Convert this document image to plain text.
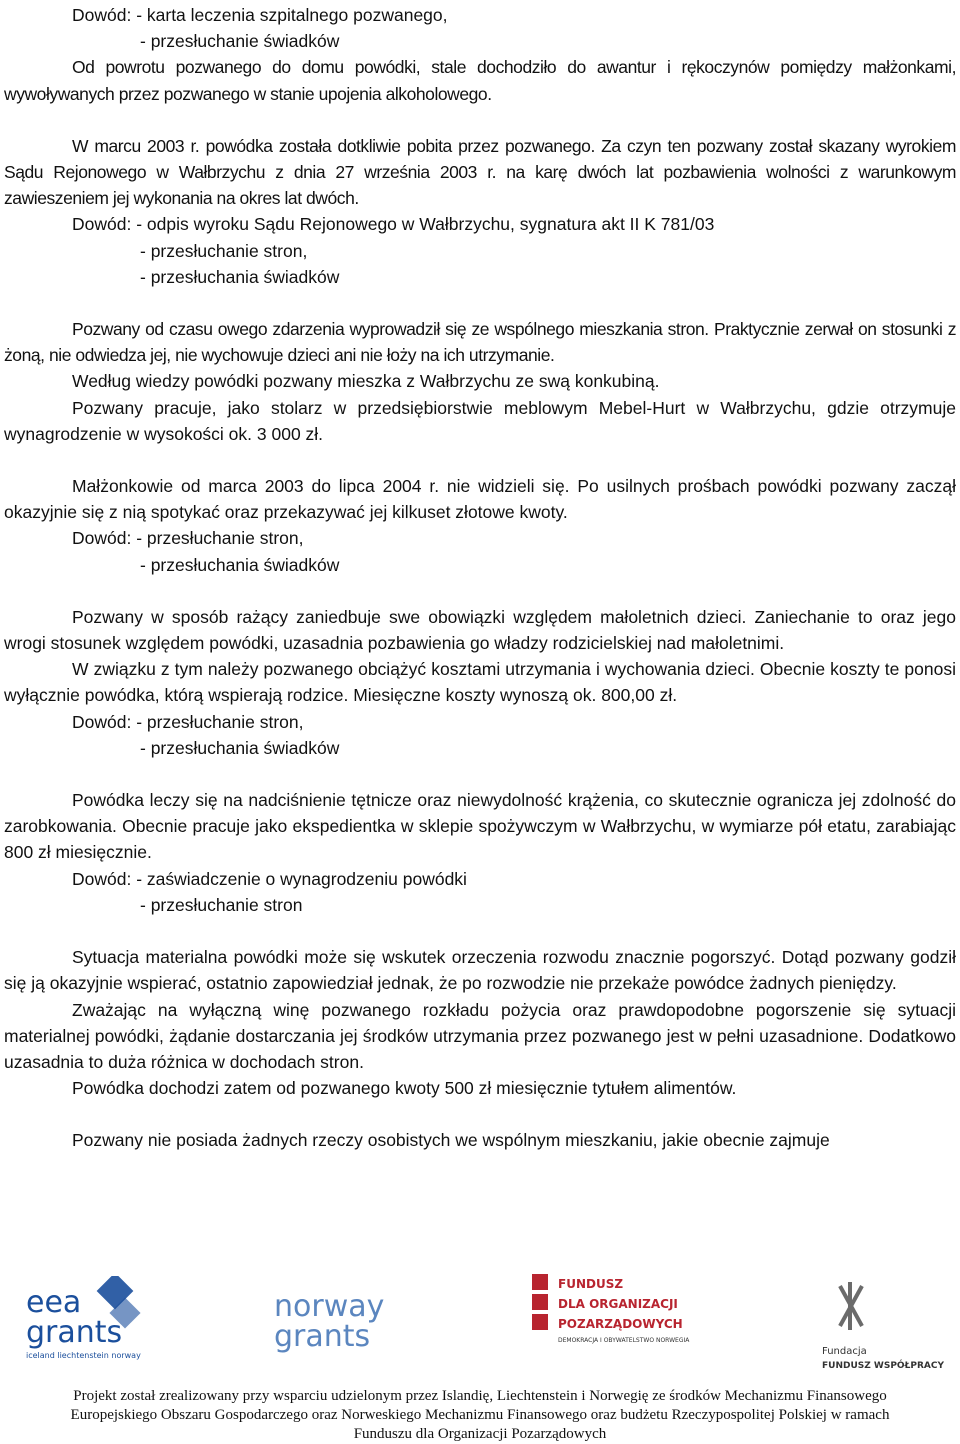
Dowód: - karta leczenia szpitalnego pozwanego,

- przesłuchanie świadków

Od powrotu pozwanego do domu powódki, stale dochodziło do awantur i rękoczynów pomiędzy małżonkami, wywoływanych przez pozwanego w stanie upojenia alkoholowego.

W marcu 2003 r. powódka została dotkliwie pobita przez pozwanego. Za czyn ten pozwany został skazany wyrokiem Sądu Rejonowego w Wałbrzychu z dnia 27 września 2003 r. na karę dwóch lat pozbawienia wolności z warunkowym zawieszeniem jej wykonania na okres lat dwóch.

Dowód: - odpis wyroku Sądu Rejonowego w Wałbrzychu, sygnatura akt II K 781/03

- przesłuchanie stron,

- przesłuchania świadków

Pozwany od czasu owego zdarzenia wyprowadził się ze wspólnego mieszkania stron. Praktycznie zerwał on stosunki z żoną, nie odwiedza jej, nie wychowuje dzieci ani nie łoży na ich utrzymanie.

Według wiedzy powódki pozwany mieszka z Wałbrzychu ze swą konkubiną.

Pozwany pracuje, jako stolarz w przedsiębiorstwie meblowym Mebel-Hurt w Wałbrzychu, gdzie otrzymuje wynagrodzenie w wysokości ok. 3 000 zł.

Małżonkowie od marca 2003 do lipca 2004 r. nie widzieli się. Po usilnych prośbach powódki pozwany zaczął okazyjnie się z nią spotykać oraz przekazywać jej kilkuset złotowe kwoty.

Dowód: - przesłuchanie stron,

- przesłuchania świadków

Pozwany w sposób rażący zaniedbuje swe obowiązki względem małoletnich dzieci. Zaniechanie to oraz jego wrogi stosunek względem powódki, uzasadnia pozbawienia go władzy rodzicielskiej nad małoletnimi.

W związku z tym należy pozwanego obciążyć kosztami utrzymania i wychowania dzieci. Obecnie koszty te ponosi wyłącznie powódka, którą wspierają rodzice. Miesięczne koszty wynoszą ok. 800,00 zł.

Dowód: - przesłuchanie stron,

- przesłuchania świadków

Powódka leczy się na nadciśnienie tętnicze oraz niewydolność krążenia, co skutecznie ogranicza jej zdolność do zarobkowania. Obecnie pracuje jako ekspedientka w sklepie spożywczym w Wałbrzychu, w wymiarze pół etatu, zarabiając 800 zł miesięcznie.

Dowód: - zaświadczenie o wynagrodzeniu powódki

- przesłuchanie stron

Sytuacja materialna powódki może się wskutek orzeczenia rozwodu znacznie pogorszyć. Dotąd pozwany godził się ją okazyjnie wspierać, ostatnio zapowiedział jednak, że po rozwodzie nie przekaże powódce żadnych pieniędzy.

Zważając na wyłączną winę pozwanego rozkładu pożycia oraz prawdopodobne pogorszenie się sytuacji materialnej powódki, żądanie dostarczania jej środków utrzymania przez pozwanego jest w pełni uzasadnione. Dodatkowo uzasadnia to duża różnica w dochodach stron.

Powódka dochodzi zatem od pozwanego kwoty 500 zł miesięcznie tytułem alimentów.

Pozwany nie posiada żadnych rzeczy osobistych we wspólnym mieszkaniu, jakie obecnie zajmuje

eea
grants
iceland liechtenstein norway
norway
grants
FUNDUSZ
DLA ORGANIZACJI
POZARZĄDOWYCH
DEMOKRACJA I OBYWATELSTWO NORWEGIA
Fundacja
FUNDUSZ WSPÓŁPRACY
Projekt został zrealizowany przy wsparciu udzielonym przez Islandię, Liechtenstein i Norwegię ze środków Mechanizmu Finansowego
Europejskiego Obszaru Gospodarczego oraz Norweskiego Mechanizmu Finansowego oraz budżetu Rzeczypospolitej Polskiej w ramach
Funduszu dla Organizacji Pozarządowych
